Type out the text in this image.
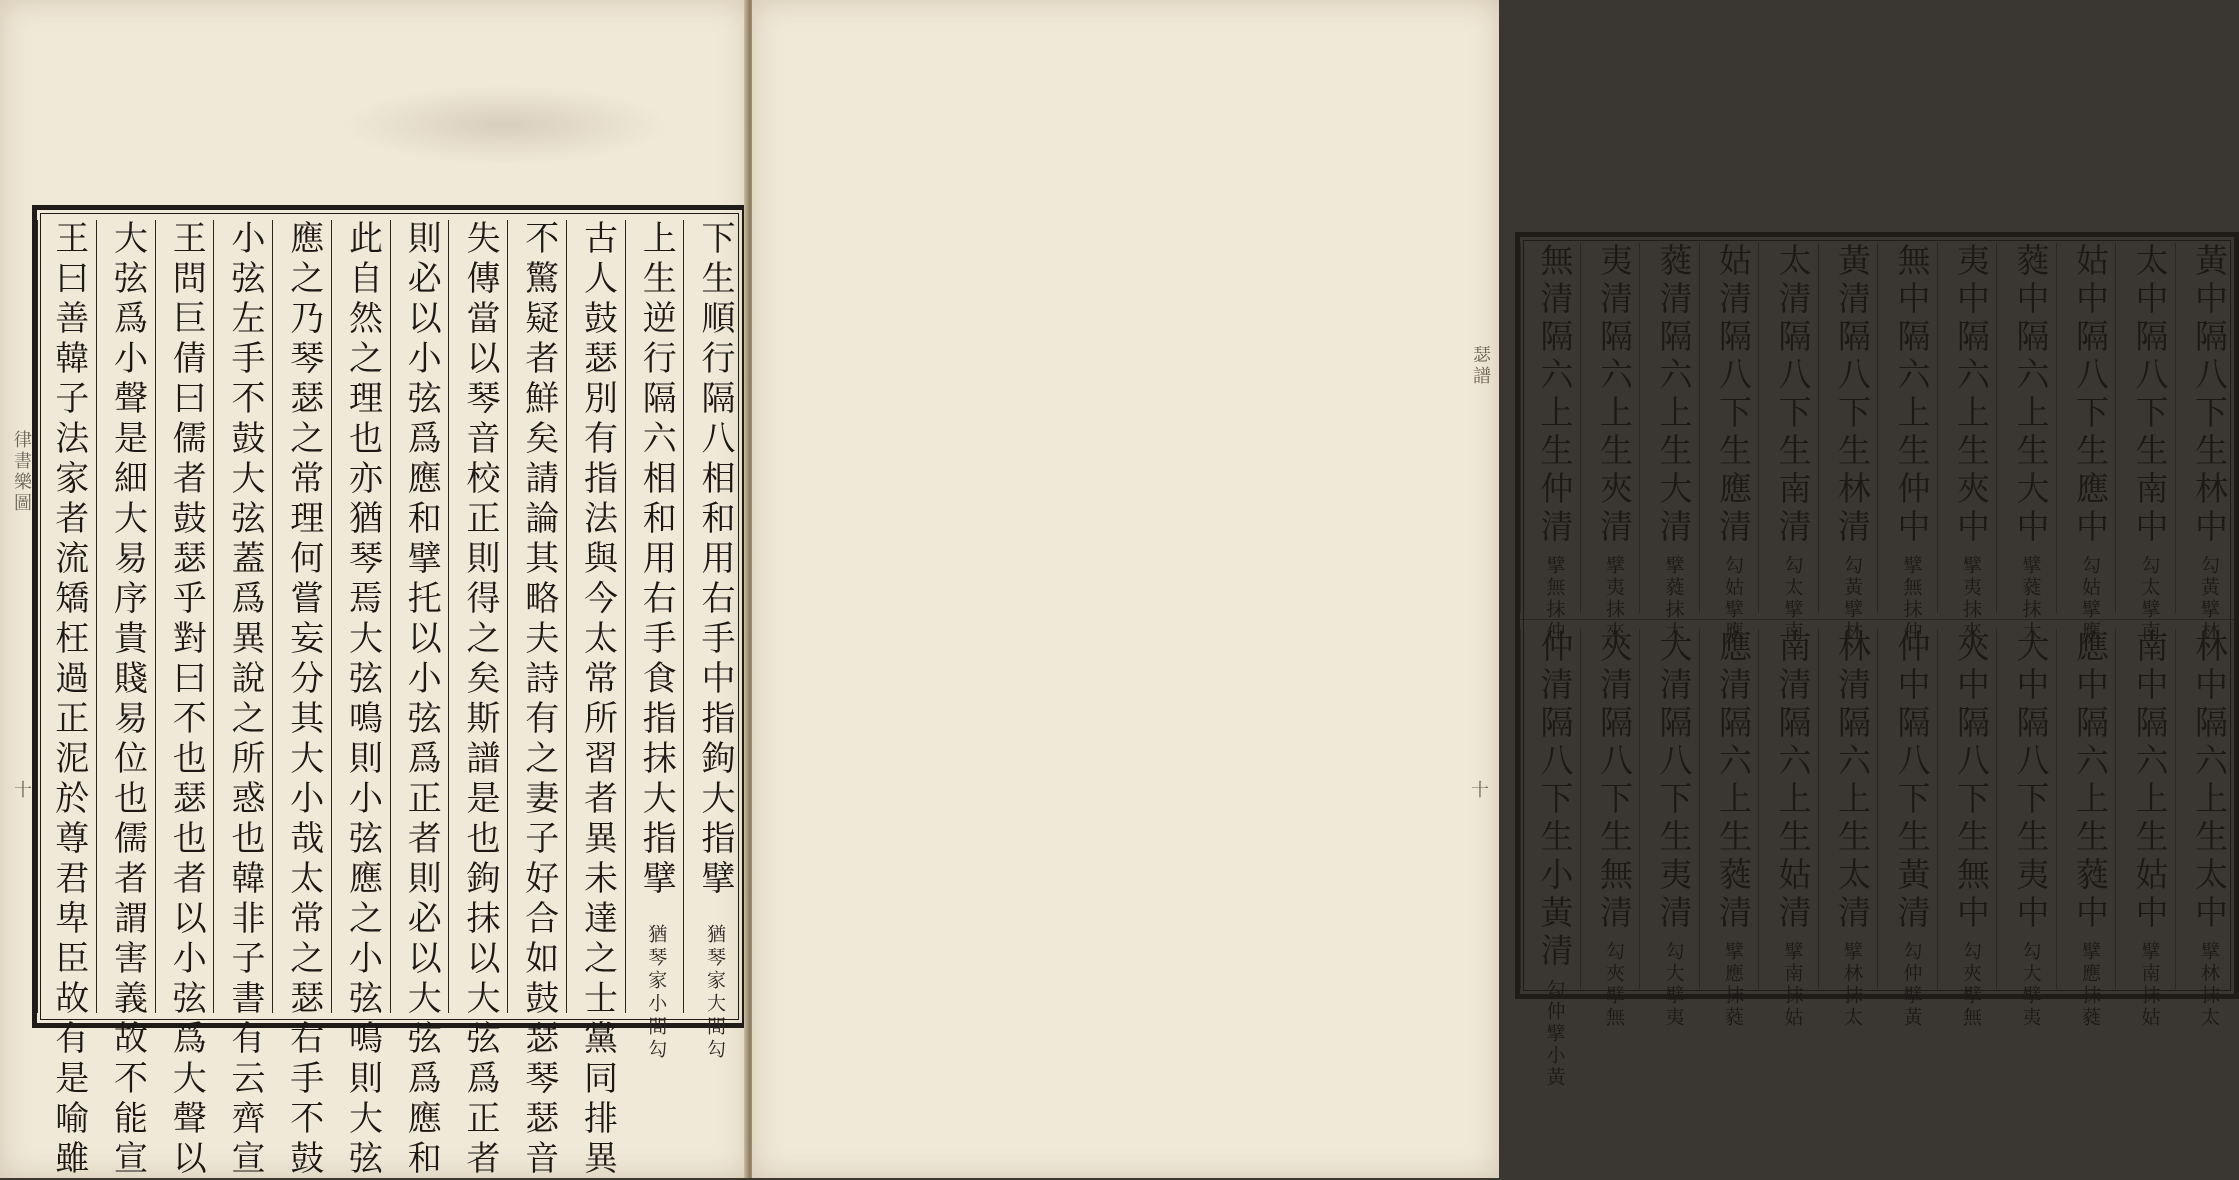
律書樂圖
十	下生順行隔八相和用右手中指鉤大指擘猶琴家大間勾
上生逆行隔六相和用右手食指抹大指擘猶琴家小間勾
古人鼓瑟別有指法與今太常所習者異未達之士黨同排異
不驚疑者鮮矣請論其略夫詩有之妻子好合如鼓瑟琴瑟音
失傳當以琴音校正則得之矣斯譜是也鉤抹以大弦爲正者
則必以小弦爲應和擘托以小弦爲正者則必以大弦爲應和
此自然之理也亦猶琴焉大弦鳴則小弦應之小弦鳴則大弦
應之乃琴瑟之常理何嘗妄分其大小哉太常之瑟右手不鼓
小弦左手不鼓大弦蓋爲異說之所惑也韓非子書有云齊宣
王問巨倩曰儒者鼓瑟乎對曰不也瑟也者以小弦爲大聲以
大弦爲小聲是細大易序貴賤易位也儒者謂害義故不能宣
王曰善韓子法家者流矯枉過正泥於尊君卑臣故有是喻雖	瑟譜
十
黃中隔八下生林中勾黃擘林
太中隔八下生南中勾太擘南
姑中隔八下生應中勾姑擘應
蕤中隔六上生大中擘蕤抹大
夷中隔六上生夾中擘夷抹夾
無中隔六上生仲中擘無抹仲
黃清隔八下生林清勾黃擘林
太清隔八下生南清勾太擘南
姑清隔八下生應清勾姑擘應
蕤清隔六上生大清擘蕤抹大
夷清隔六上生夾清擘夷抹夾
無清隔六上生仲清擘無抹仲
林中隔六上生太中擘林抹太
南中隔六上生姑中擘南抹姑
應中隔六上生蕤中擘應抹蕤
大中隔八下生夷中勾大擘夷
夾中隔八下生無中勾夾擘無
仲中隔八下生黃清勾仲擘黃
林清隔六上生太清擘林抹太
南清隔六上生姑清擘南抹姑
應清隔六上生蕤清擘應抹蕤
大清隔八下生夷清勾大擘夷
夾清隔八下生無清勾夾擘無
仲清隔八下生小黃清勾仲擘小黃
